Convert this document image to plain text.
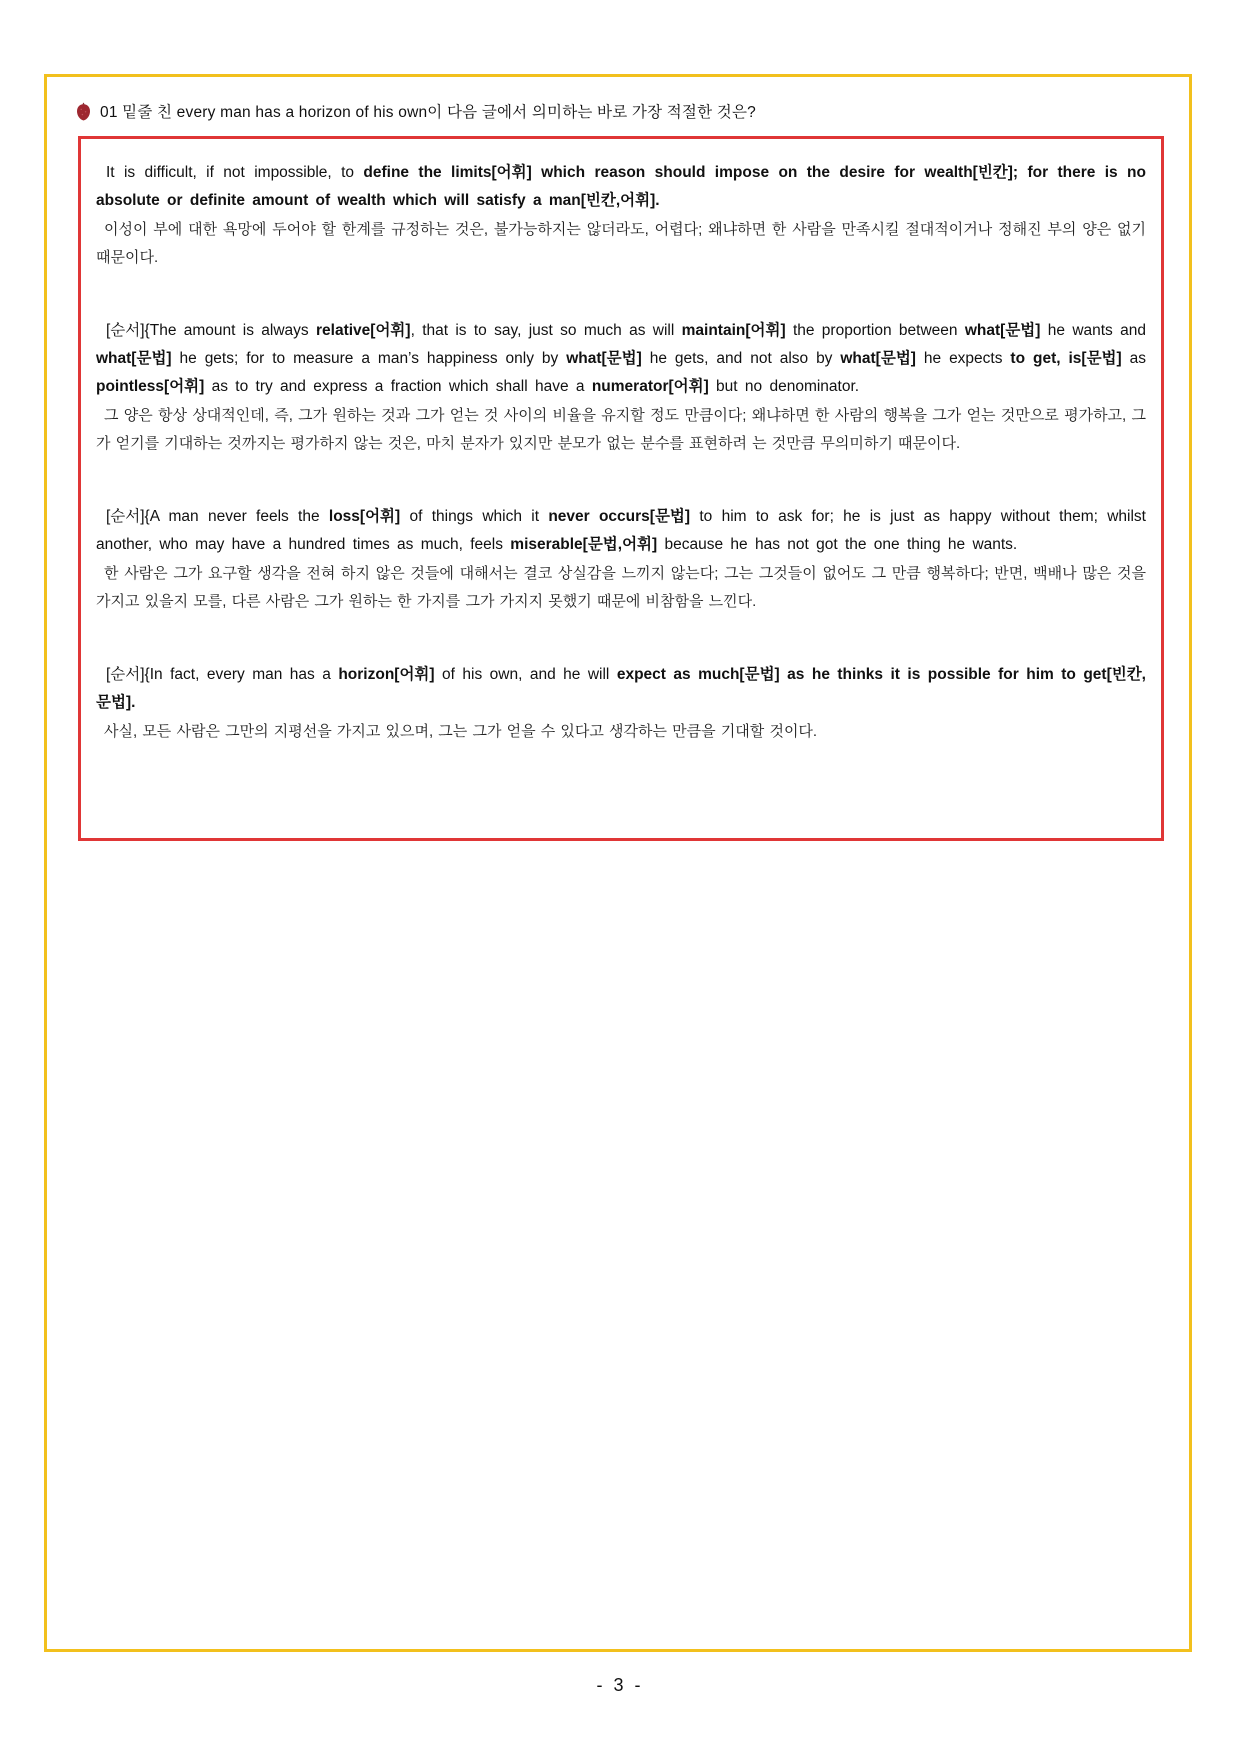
01 밑줄 친 every man has a horizon of his own이 다음 글에서 의미하는 바로 가장 적절한 것은?
It is difficult, if not impossible, to define the limits[어휘] which reason should impose on the desire for wealth[빈칸]; for there is no absolute or definite amount of wealth which will satisfy a man[빈칸,어휘].
이성이 부에 대한 욕망에 두어야 할 한계를 규정하는 것은, 불가능하지는 않더라도, 어렵다; 왜냐하면 한 사람을 만족시킬 절대적이거나 정해진 부의 양은 없기 때문이다.
[순서]{The amount is always relative[어휘], that is to say, just so much as will maintain[어휘] the proportion between what[문법] he wants and what[문법] he gets; for to measure a man’s happiness only by what[문법] he gets, and not also by what[문법] he expects to get, is[문법] as pointless[어휘] as to try and express a fraction which shall have a numerator[어휘] but no denominator.
그 양은 항상 상대적인데, 즉, 그가 원하는 것과 그가 얻는 것 사이의 비율을 유지할 정도 만큼이다; 왜냐하면 한 사람의 행복을 그가 얻는 것만으로 평가하고, 그가 얻기를 기대하는 것까지는 평가하지 않는 것은, 마치 분자가 있지만 분모가 없는 분수를 표현하려 는 것만큼 무의미하기 때문이다.
[순서]{A man never feels the loss[어휘] of things which it never occurs[문법] to him to ask for; he is just as happy without them; whilst another, who may have a hundred times as much, feels miserable[문법,어휘] because he has not got the one thing he wants.
한 사람은 그가 요구할 생각을 전혀 하지 않은 것들에 대해서는 결코 상실감을 느끼지 않는다; 그는 그것들이 없어도 그 만큼 행복하다; 반면, 백배나 많은 것을 가지고 있을지 모를, 다른 사람은 그가 원하는 한 가지를 그가 가지지 못했기 때문에 비참함을 느낀다.
[순서]{In fact, every man has a horizon[어휘] of his own, and he will expect as much[문법] as he thinks it is possible for him to get[빈칸,문법].
사실, 모든 사람은 그만의 지평선을 가지고 있으며, 그는 그가 얻을 수 있다고 생각하는 만큼을 기대할 것이다.
- 3 -
